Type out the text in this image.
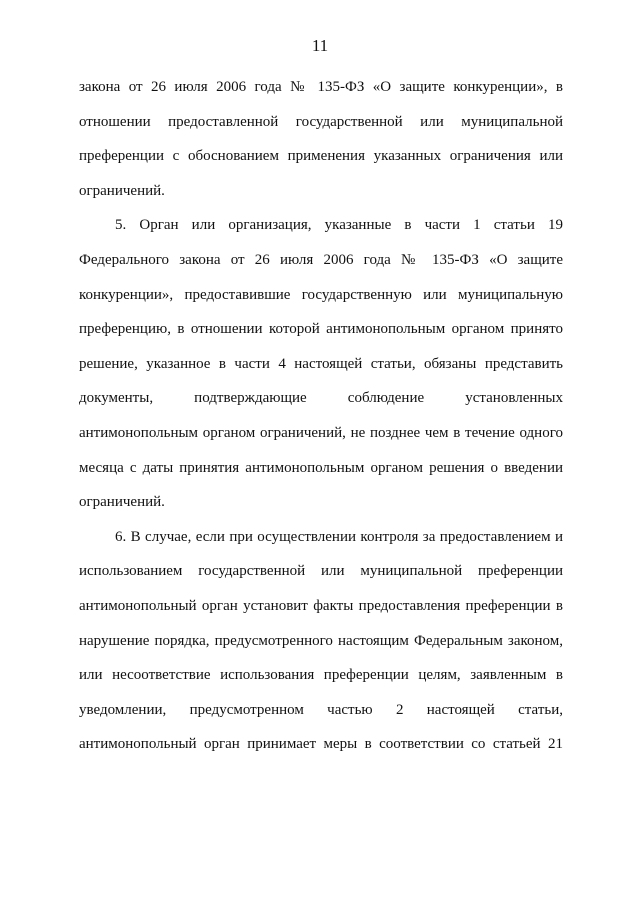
11
закона от 26 июля 2006 года № 135-ФЗ «О защите конкуренции», в
отношении предоставленной государственной или муниципальной
преференции с обоснованием применения указанных ограничения или
ограничений.
5. Орган или организация, указанные в части 1 статьи 19
Федерального закона от 26 июля 2006 года № 135-ФЗ «О защите
конкуренции», предоставившие государственную или муниципальную
преференцию, в отношении которой антимонопольным органом принято
решение, указанное в части 4 настоящей статьи, обязаны представить
документы, подтверждающие соблюдение установленных
антимонопольным органом ограничений, не позднее чем в течение одного
месяца с даты принятия антимонопольным органом решения о введении
ограничений.
6. В случае, если при осуществлении контроля за предоставлением и
использованием государственной или муниципальной преференции
антимонопольный орган установит факты предоставления преференции в
нарушение порядка, предусмотренного настоящим Федеральным законом,
или несоответствие использования преференции целям, заявленным в
уведомлении, предусмотренном частью 2 настоящей статьи,
антимонопольный орган принимает меры в соответствии со статьей 21
